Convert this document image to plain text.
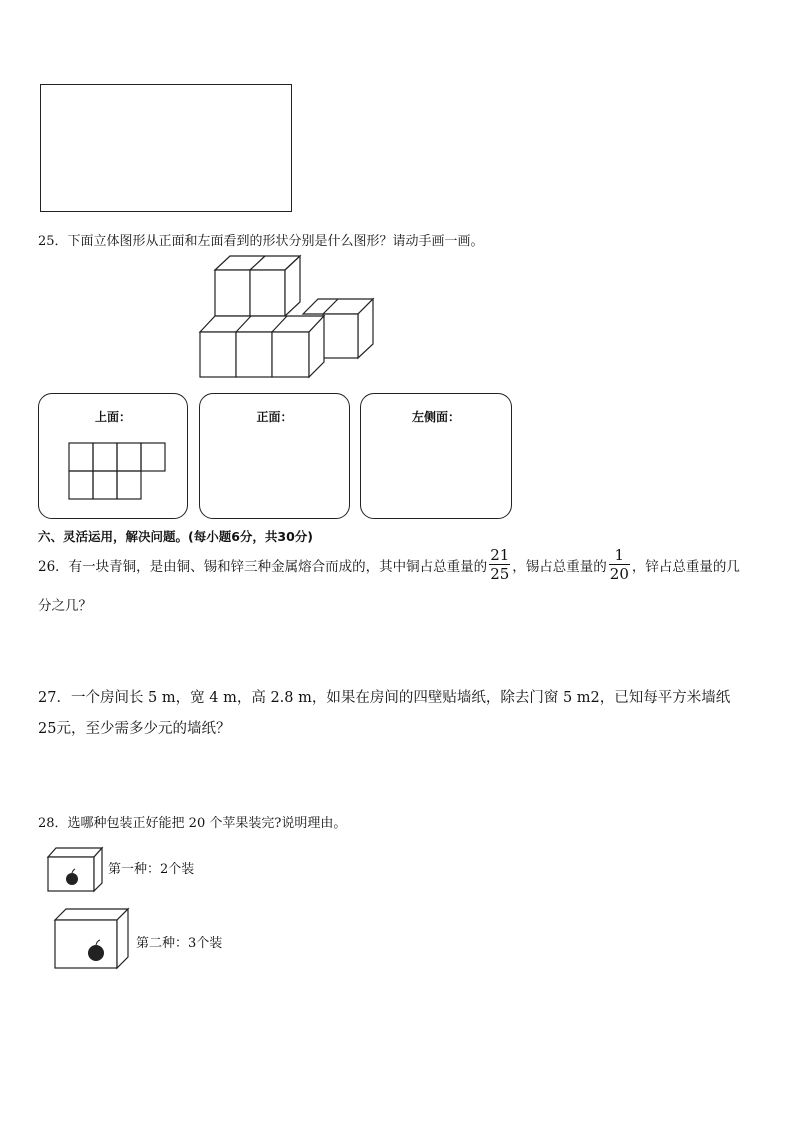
25．下面立体图形从正面和左面看到的形状分别是什么图形？请动手画一画。
上面：	正面：	左侧面：
六、灵活运用，解决问题。(每小题6分，共30分)
26．有一块青铜，是由铜、锡和锌三种金属熔合而成的，其中铜占总重量的 $\frac{21}{25}$ ，锡占总重量的 $\frac{1}{20}$ ，锌占总重量的几
分之几？
27．一个房间长 5 m，宽 4 m，高 2.8 m，如果在房间的四壁贴墙纸，除去门窗 5 m2，已知每平方米墙纸
25元，至少需多少元的墙纸？
28．选哪种包装正好能把 20 个苹果装完?说明理由。
第一种：2个装
第二种：3个装
